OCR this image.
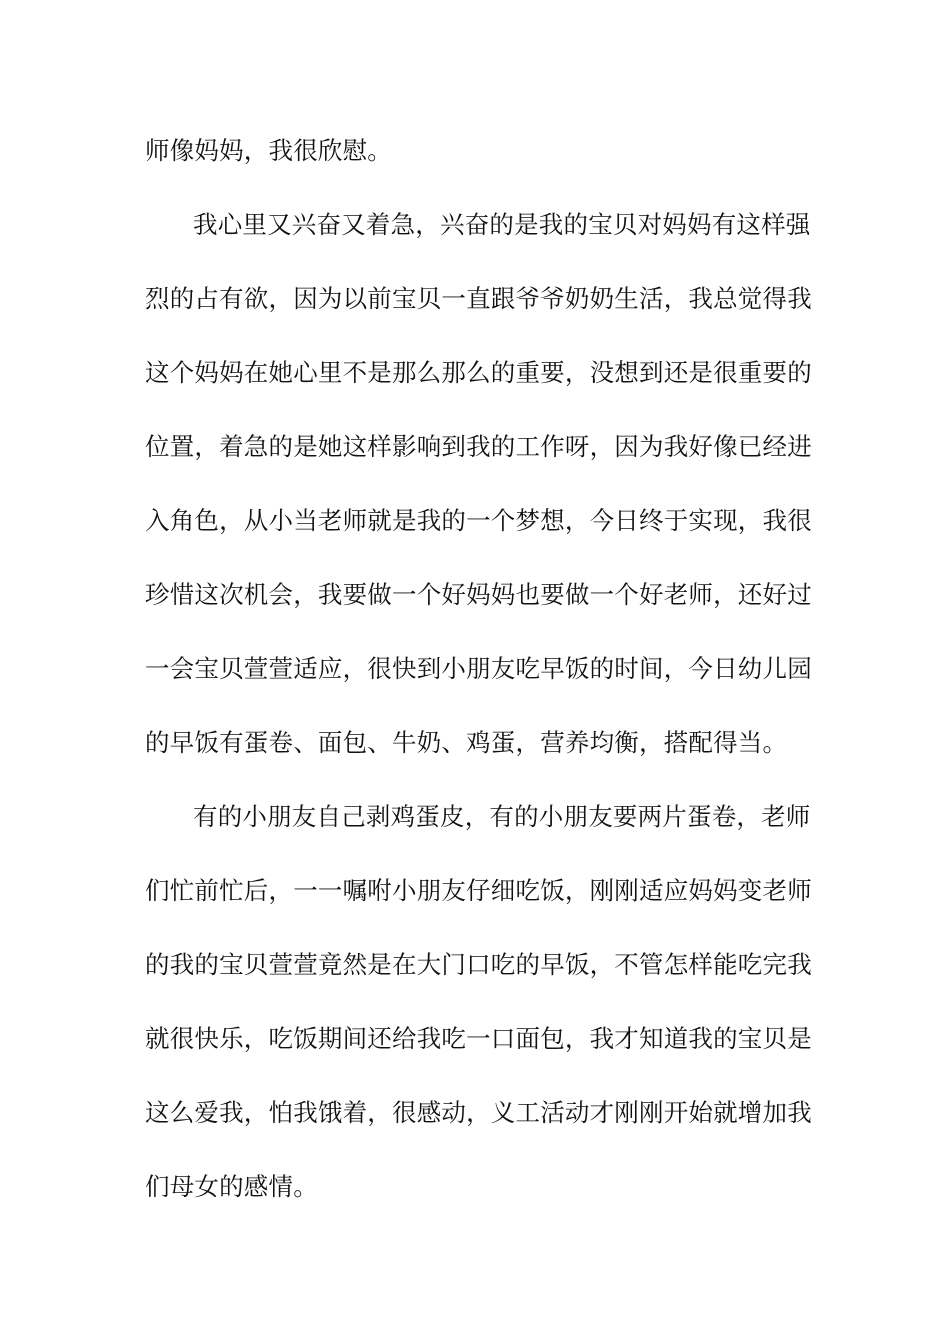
师像妈妈，我很欣慰。
我心里又兴奋又着急，兴奋的是我的宝贝对妈妈有这样强
烈的占有欲，因为以前宝贝一直跟爷爷奶奶生活，我总觉得我
这个妈妈在她心里不是那么那么的重要，没想到还是很重要的
位置，着急的是她这样影响到我的工作呀，因为我好像已经进
入角色，从小当老师就是我的一个梦想，今日终于实现，我很
珍惜这次机会，我要做一个好妈妈也要做一个好老师，还好过
一会宝贝萱萱适应，很快到小朋友吃早饭的时间，今日幼儿园
的早饭有蛋卷、面包、牛奶、鸡蛋，营养均衡，搭配得当。
有的小朋友自己剥鸡蛋皮，有的小朋友要两片蛋卷，老师
们忙前忙后，一一嘱咐小朋友仔细吃饭，刚刚适应妈妈变老师
的我的宝贝萱萱竟然是在大门口吃的早饭，不管怎样能吃完我
就很快乐，吃饭期间还给我吃一口面包，我才知道我的宝贝是
这么爱我，怕我饿着，很感动，义工活动才刚刚开始就增加我
们母女的感情。
